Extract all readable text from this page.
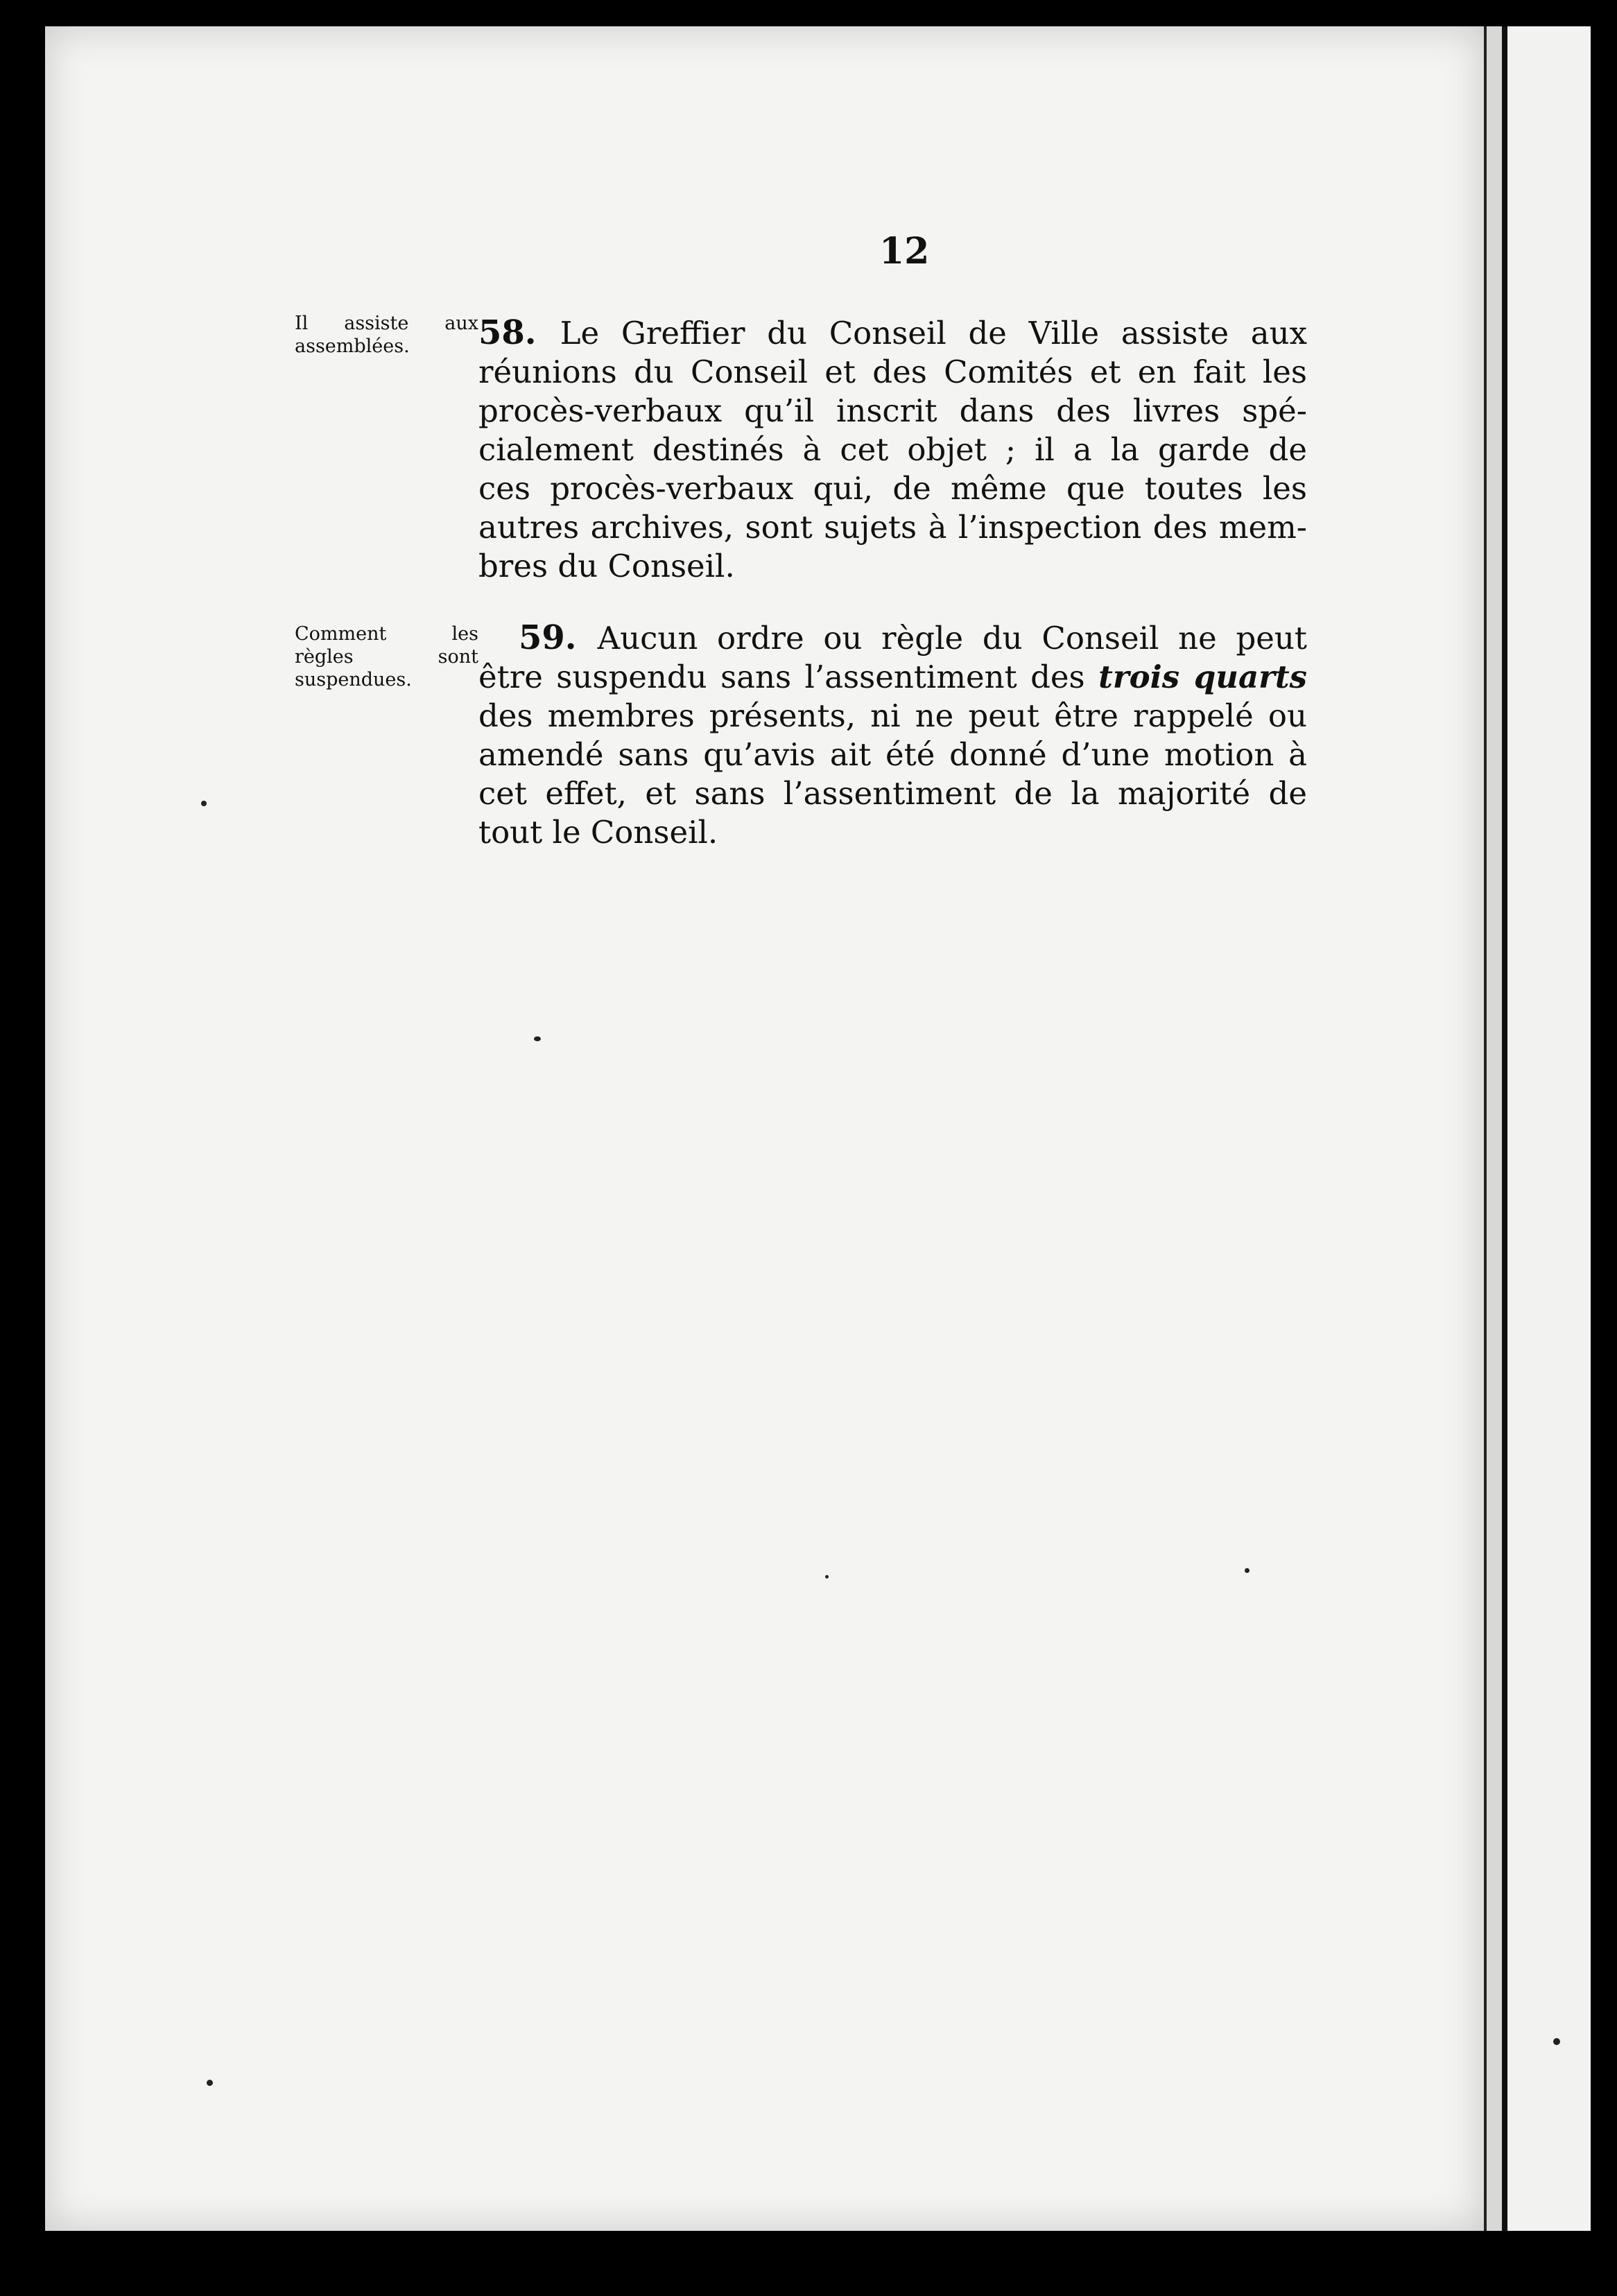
12
Il assiste aux
assemblées.	58. Le Greffier du Conseil de Ville assiste aux
réunions du Conseil et des Comités et en fait les
procès-verbaux qu’il inscrit dans des livres spé-
cialement destinés à cet objet ; il a la garde de
ces procès-verbaux qui, de même que toutes les
autres archives, sont sujets à l’inspection des mem-
bres du Conseil.
Comment les
règles sont
suspendues.
59. Aucun ordre ou règle du Conseil ne peut
être suspendu sans l’assentiment des trois quarts
des membres présents, ni ne peut être rappelé ou
amendé sans qu’avis ait été donné d’une motion à
cet effet, et sans l’assentiment de la majorité de
tout le Conseil.
